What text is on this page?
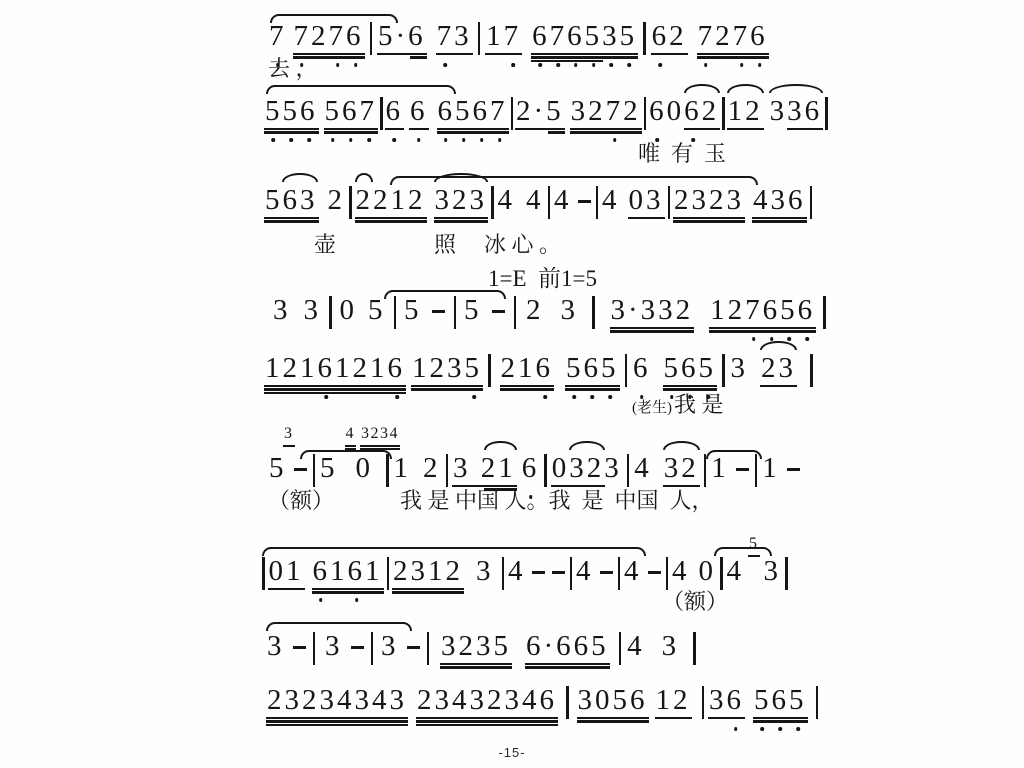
7 7276 5·6 73 17 676535 62 7276
去 ，
556 567 6 6 6567 2·5 3272 6062 12 336
唯  有  玉
563 2 2212 323 4 4 4 4 03 2323 436
壶	照 冰 心 。
1=E  前1=5
3 3 0 5 5 5 2 3 3·332 127656
12161216 1235 216 565 6 565 3 23
(老生)我 是
3	4 3234
5 5 0 1 2 3 21 6 0323 4 32 1 1
（额）	我 是 中国 人。我  是  中国  人，
01 6161 2312 3 4 4 4 4 0 4
5
3
（额）
3 3 3 3235 6·665 4 3
23234343 23432346 3056 12 36 565
-15-
